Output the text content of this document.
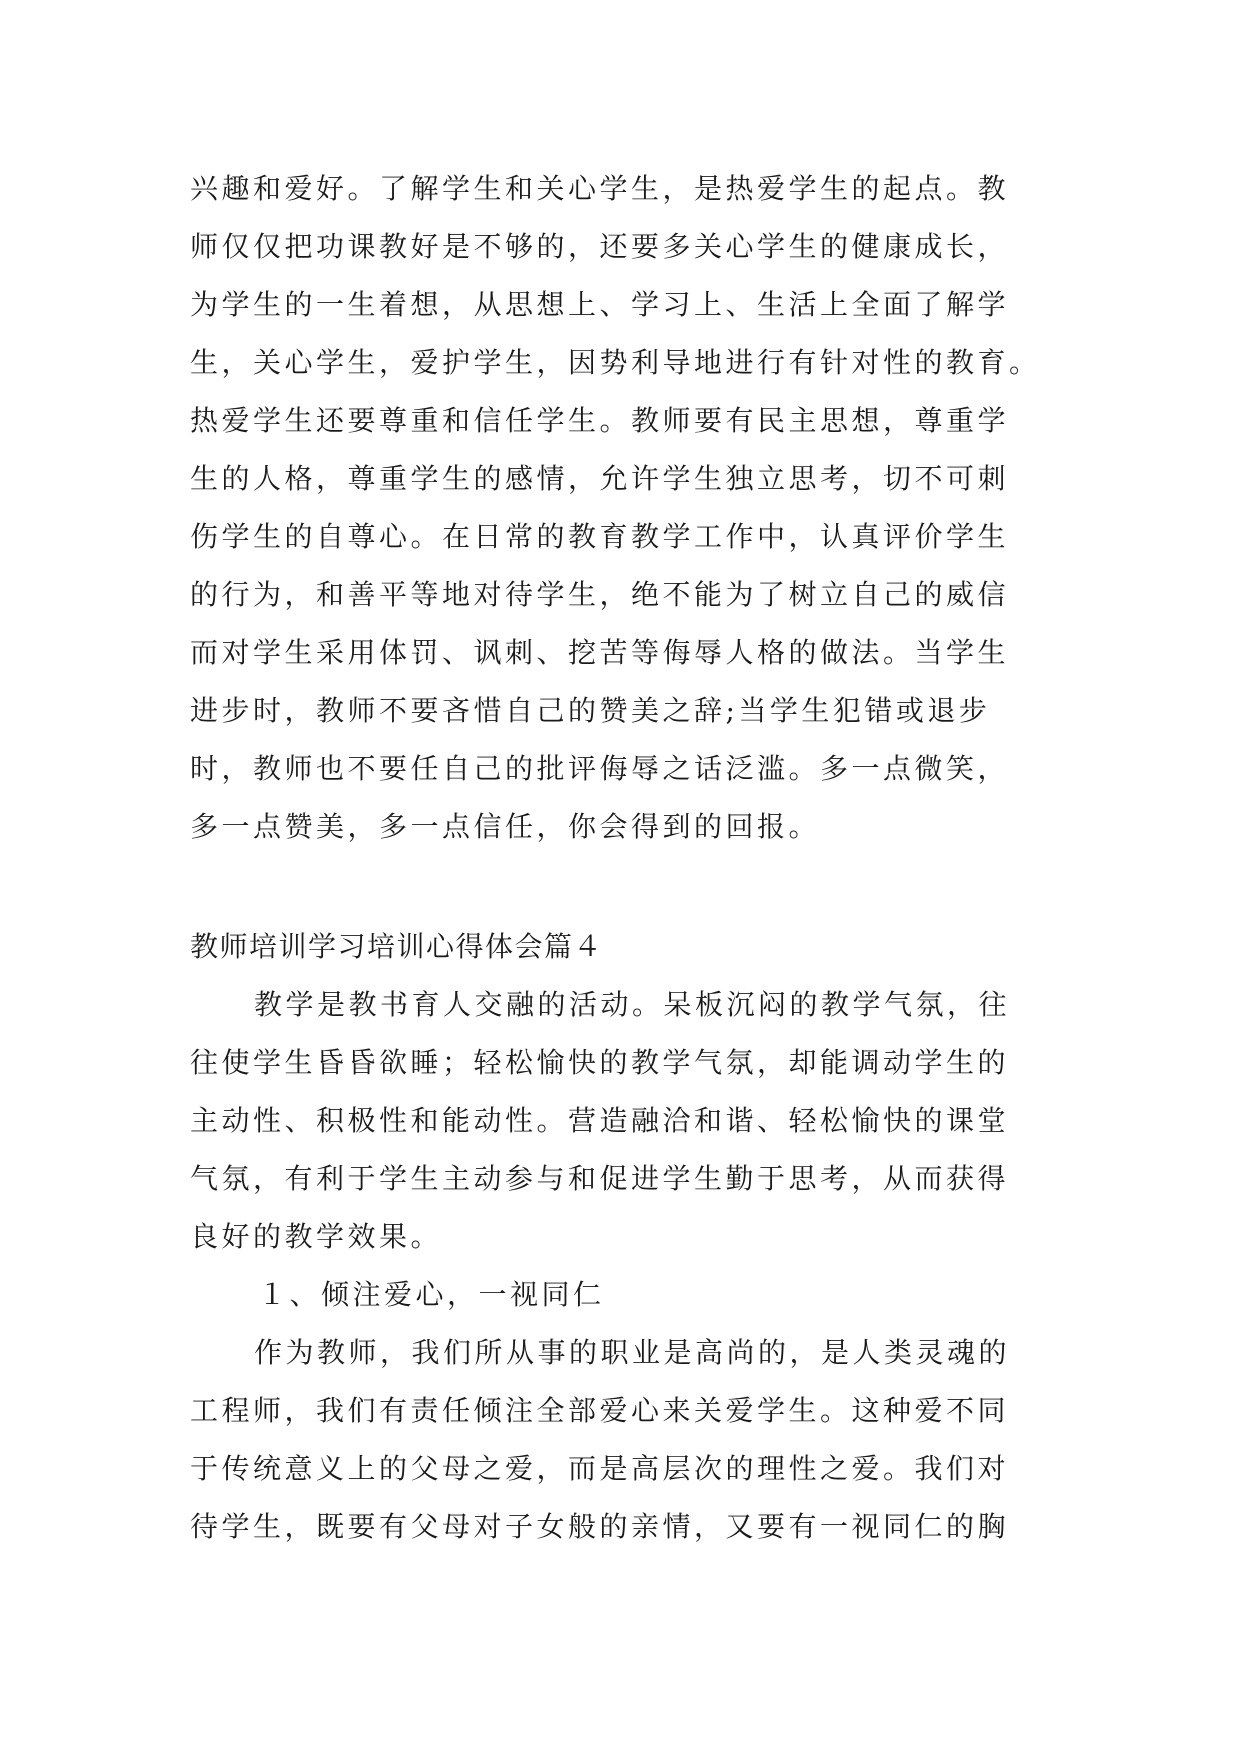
兴趣和爱好。了解学生和关心学生，是热爱学生的起点。教
师仅仅把功课教好是不够的，还要多关心学生的健康成长，
为学生的一生着想，从思想上、学习上、生活上全面了解学
生，关心学生，爱护学生，因势利导地进行有针对性的教育。
热爱学生还要尊重和信任学生。教师要有民主思想，尊重学
生的人格，尊重学生的感情，允许学生独立思考，切不可刺
伤学生的自尊心。在日常的教育教学工作中，认真评价学生
的行为，和善平等地对待学生，绝不能为了树立自己的威信
而对学生采用体罚、讽刺、挖苦等侮辱人格的做法。当学生
进步时，教师不要吝惜自己的赞美之辞;当学生犯错或退步
时，教师也不要任自己的批评侮辱之话泛滥。多一点微笑，
多一点赞美，多一点信任，你会得到的回报。
教师培训学习培训心得体会篇４
教学是教书育人交融的活动。呆板沉闷的教学气氛，往
往使学生昏昏欲睡；轻松愉快的教学气氛，却能调动学生的
主动性、积极性和能动性。营造融洽和谐、轻松愉快的课堂
气氛，有利于学生主动参与和促进学生勤于思考，从而获得
良好的教学效果。
１、倾注爱心，一视同仁
作为教师，我们所从事的职业是高尚的，是人类灵魂的
工程师，我们有责任倾注全部爱心来关爱学生。这种爱不同
于传统意义上的父母之爱，而是高层次的理性之爱。我们对
待学生，既要有父母对子女般的亲情，又要有一视同仁的胸
